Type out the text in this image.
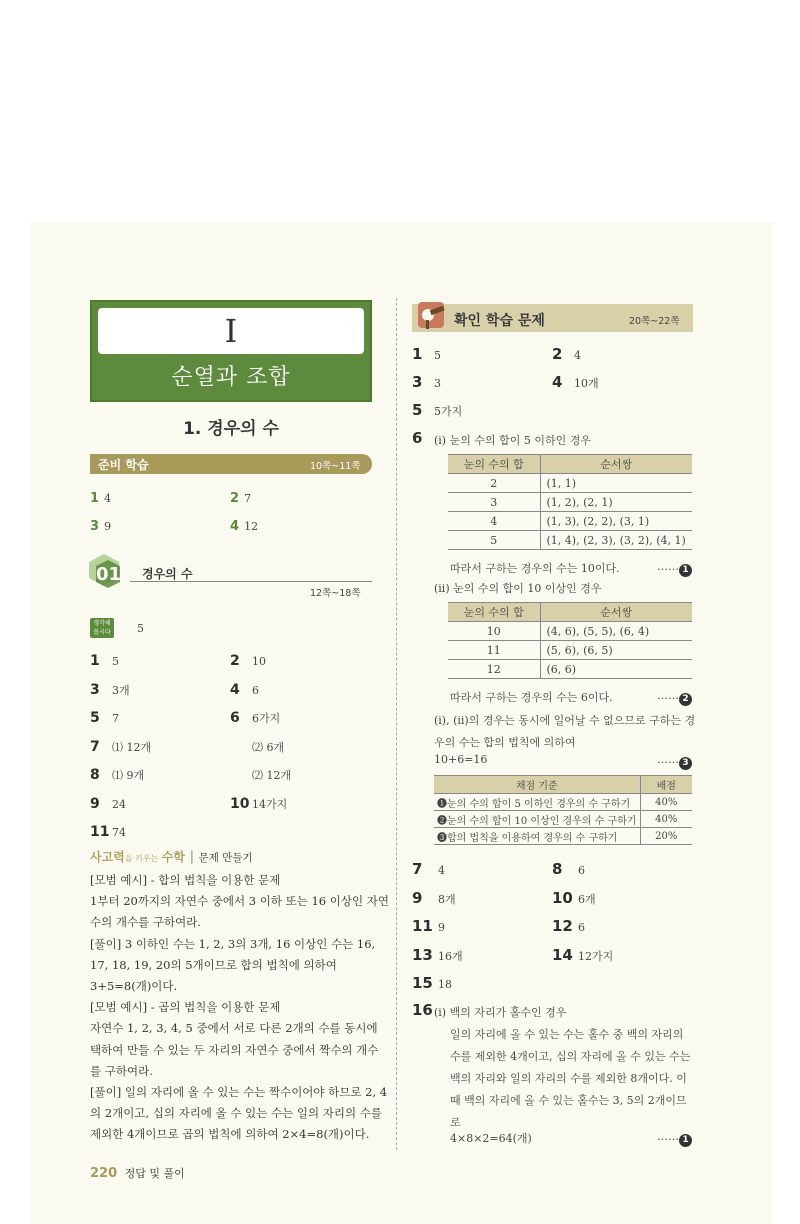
I
순열과 조합
1. 경우의 수
준비 학습	10쪽~11쪽
1 4	2 7
3 9	4 12
01 경우의 수
12쪽~18쪽
생각해 봅시다	5
1 5	2 10
3 3개	4 6
5 7	6 6가지
7 ⑴ 12개	⑵ 6개
8 ⑴ 9개	⑵ 12개
9 24	10 14가지
11 74
사고력을 키우는 수학 │ 문제 만들기
[모범 예시] - 합의 법칙을 이용한 문제
1부터 20까지의 자연수 중에서 3 이하 또는 16 이상인 자연
수의 개수를 구하여라.
[풀이] 3 이하인 수는 1, 2, 3의 3개, 16 이상인 수는 16,
17, 18, 19, 20의 5개이므로 합의 법칙에 의하여
3+5=8(개)이다.
[모범 예시] - 곱의 법칙을 이용한 문제
자연수 1, 2, 3, 4, 5 중에서 서로 다른 2개의 수를 동시에
택하여 만들 수 있는 두 자리의 자연수 중에서 짝수의 개수
를 구하여라.
[풀이] 일의 자리에 올 수 있는 수는 짝수이어야 하므로 2, 4
의 2개이고, 십의 자리에 올 수 있는 수는 일의 자리의 수를
제외한 4개이므로 곱의 법칙에 의하여 2×4=8(개)이다.
220 정답 및 풀이
확인 학습 문제	20쪽~22쪽
1 5	2 4
3 3	4 10개
5 5가지
6 (ⅰ) 눈의 수의 합이 5 이하인 경우
눈의 수의 합	순서쌍
2	(1, 1)
3	(1, 2), (2, 1)
4	(1, 3), (2, 2), (3, 1)
5	(1, 4), (2, 3), (3, 2), (4, 1)
따라서 구하는 경우의 수는 10이다.	…… 1
(ⅱ) 눈의 수의 합이 10 이상인 경우
눈의 수의 합	순서쌍
10	(4, 6), (5, 5), (6, 4)
11	(5, 6), (6, 5)
12	(6, 6)
따라서 구하는 경우의 수는 6이다.	…… 2
(ⅰ), (ⅱ)의 경우는 동시에 일어날 수 없으므로 구하는 경
우의 수는 합의 법칙에 의하여
10+6=16	…… 3
채점 기준	배점
➊눈의 수의 합이 5 이하인 경우의 수 구하기	40%
➋눈의 수의 합이 10 이상인 경우의 수 구하기	40%
➌합의 법칙을 이용하여 경우의 수 구하기	20%
7 4	8 6
9 8개	10 6개
11 9	12 6
13 16개	14 12가지
15 18
16 (ⅰ) 백의 자리가 홀수인 경우
일의 자리에 올 수 있는 수는 홀수 중 백의 자리의
수를 제외한 4개이고, 십의 자리에 올 수 있는 수는
백의 자리와 일의 자리의 수를 제외한 8개이다. 이
때 백의 자리에 올 수 있는 홀수는 3, 5의 2개이므
로
4×8×2=64(개)	…… 1
